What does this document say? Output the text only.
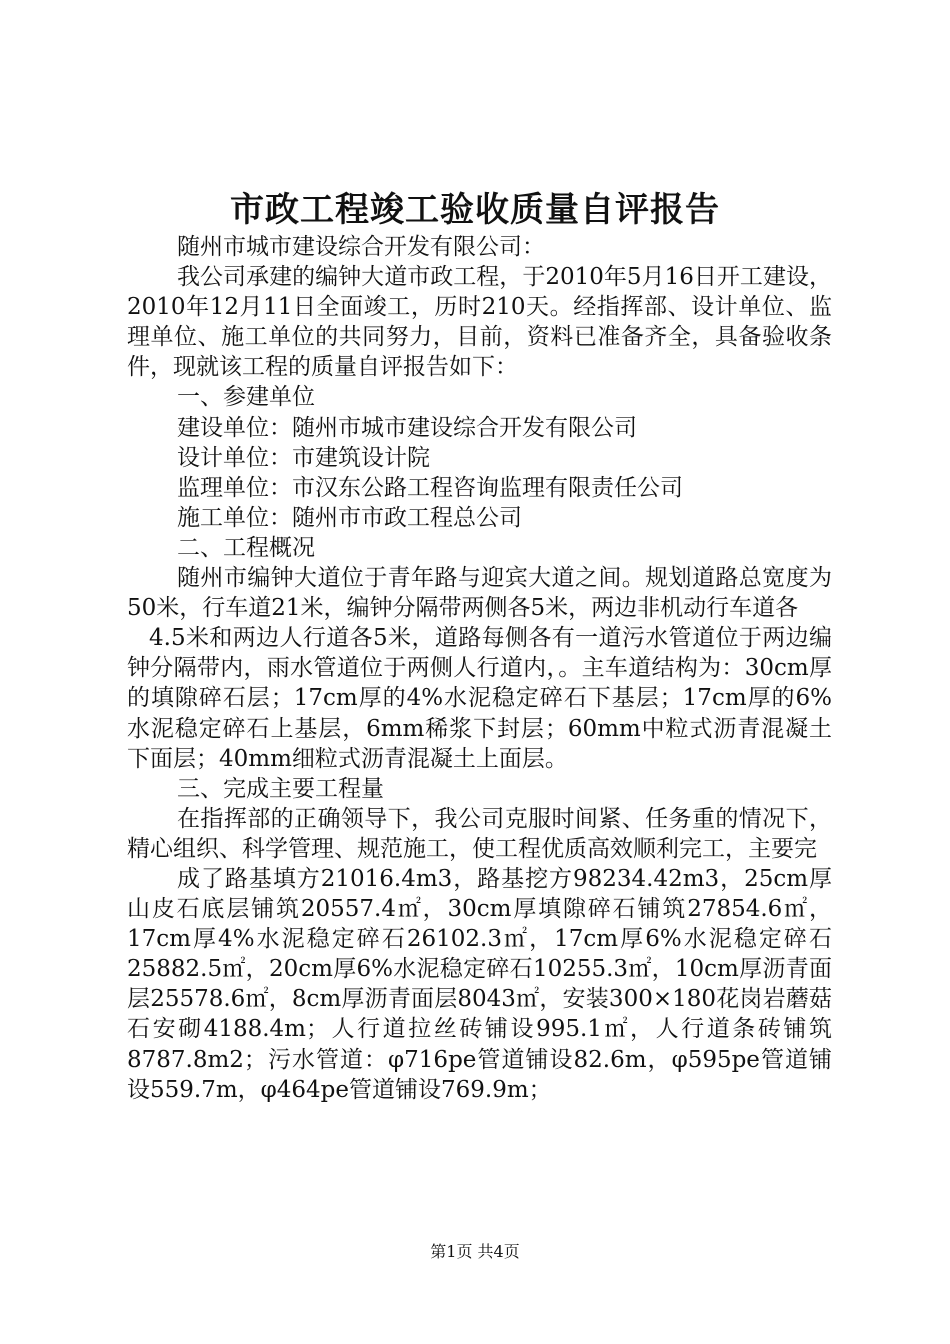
市政工程竣工验收质量自评报告

随州市城市建设综合开发有限公司：

我公司承建的编钟大道市政工程，于2010年5月16日开工建设，2010年12月11日全面竣工，历时210天。经指挥部、设计单位、监理单位、施工单位的共同努力，目前，资料已准备齐全，具备验收条件，现就该工程的质量自评报告如下：

一、参建单位

建设单位：随州市城市建设综合开发有限公司

设计单位：市建筑设计院

监理单位：市汉东公路工程咨询监理有限责任公司

施工单位：随州市市政工程总公司

二、工程概况

随州市编钟大道位于青年路与迎宾大道之间。规划道路总宽度为50米，行车道21米，编钟分隔带两侧各5米，两边非机动行车道各

4.5米和两边人行道各5米，道路每侧各有一道污水管道位于两边编钟分隔带内，雨水管道位于两侧人行道内，。主车道结构为：30cm厚的填隙碎石层；17cm厚的4%水泥稳定碎石下基层；17cm厚的6%水泥稳定碎石上基层，6mm稀浆下封层；60mm中粒式沥青混凝土下面层；40mm细粒式沥青混凝土上面层。

三、完成主要工程量

在指挥部的正确领导下，我公司克服时间紧、任务重的情况下，精心组织、科学管理、规范施工，使工程优质高效顺利完工，主要完

成了路基填方21016.4m3，路基挖方98234.42m3，25cm厚山皮石底层铺筑20557.4㎡，30cm厚填隙碎石铺筑27854.6㎡，17cm厚4%水泥稳定碎石26102.3㎡，17cm厚6%水泥稳定碎石25882.5㎡，20cm厚6%水泥稳定碎石10255.3㎡，10cm厚沥青面层25578.6㎡，8cm厚沥青面层8043㎡，安装300×180花岗岩蘑菇石安砌4188.4m；人行道拉丝砖铺设995.1㎡，人行道条砖铺筑8787.8m2；污水管道：φ716pe管道铺设82.6m，φ595pe管道铺设559.7m，φ464pe管道铺设769.9m；

第1页 共4页
